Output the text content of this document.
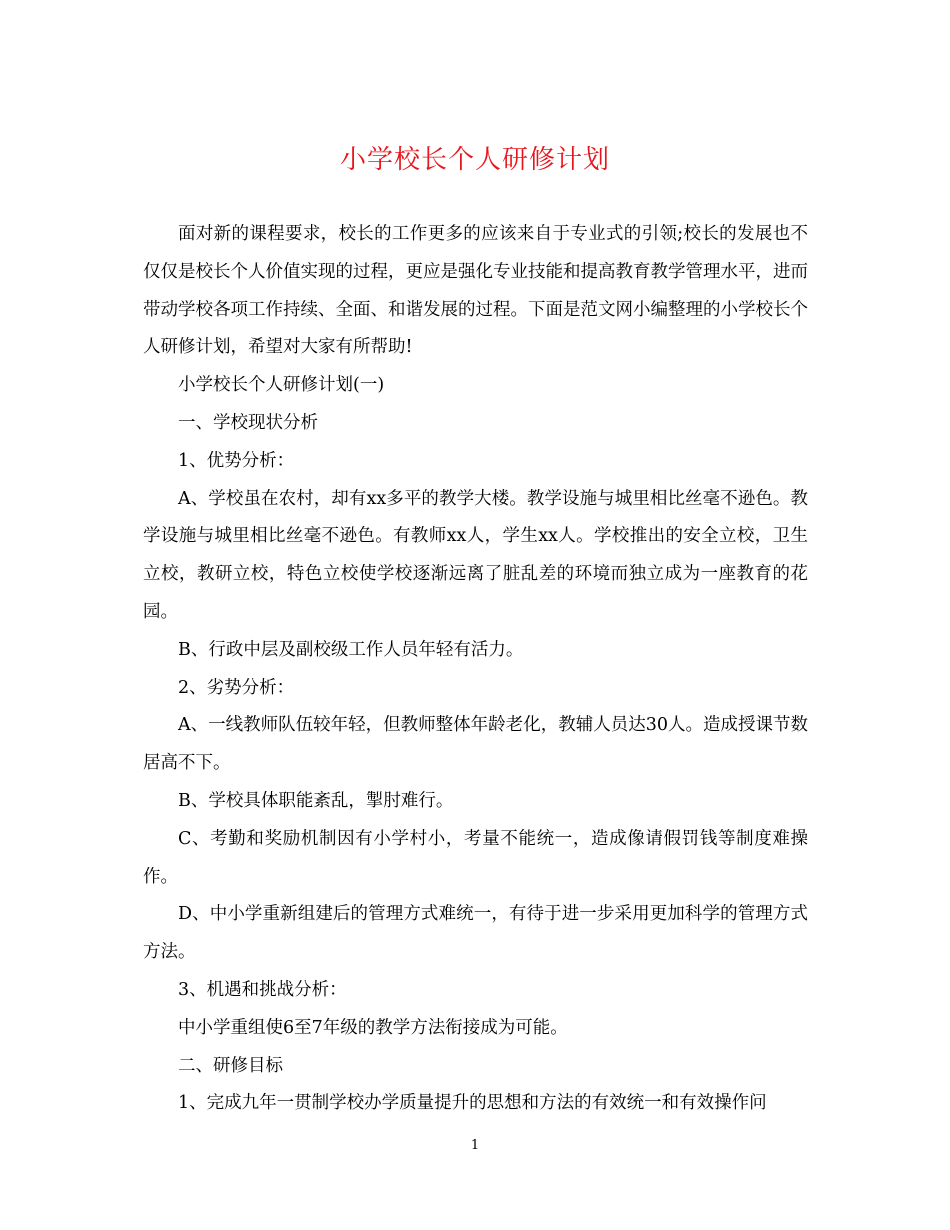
小学校长个人研修计划

面对新的课程要求，校长的工作更多的应该来自于专业式的引领;校长的发展也不仅仅是校长个人价值实现的过程，更应是强化专业技能和提高教育教学管理水平，进而带动学校各项工作持续、全面、和谐发展的过程。下面是范文网小编整理的小学校长个人研修计划，希望对大家有所帮助!

小学校长个人研修计划(一)

一、学校现状分析

1、优势分析：

A、学校虽在农村，却有xx多平的教学大楼。教学设施与城里相比丝毫不逊色。教学设施与城里相比丝毫不逊色。有教师xx人，学生xx人。学校推出的安全立校，卫生立校，教研立校，特色立校使学校逐渐远离了脏乱差的环境而独立成为一座教育的花园。

B、行政中层及副校级工作人员年轻有活力。

2、劣势分析：

A、一线教师队伍较年轻，但教师整体年龄老化，教辅人员达30人。造成授课节数居高不下。

B、学校具体职能紊乱，掣肘难行。

C、考勤和奖励机制因有小学村小，考量不能统一，造成像请假罚钱等制度难操作。

D、中小学重新组建后的管理方式难统一，有待于进一步采用更加科学的管理方式方法。

3、机遇和挑战分析：

中小学重组使6至7年级的教学方法衔接成为可能。

二、研修目标

1、完成九年一贯制学校办学质量提升的思想和方法的有效统一和有效操作问

1
